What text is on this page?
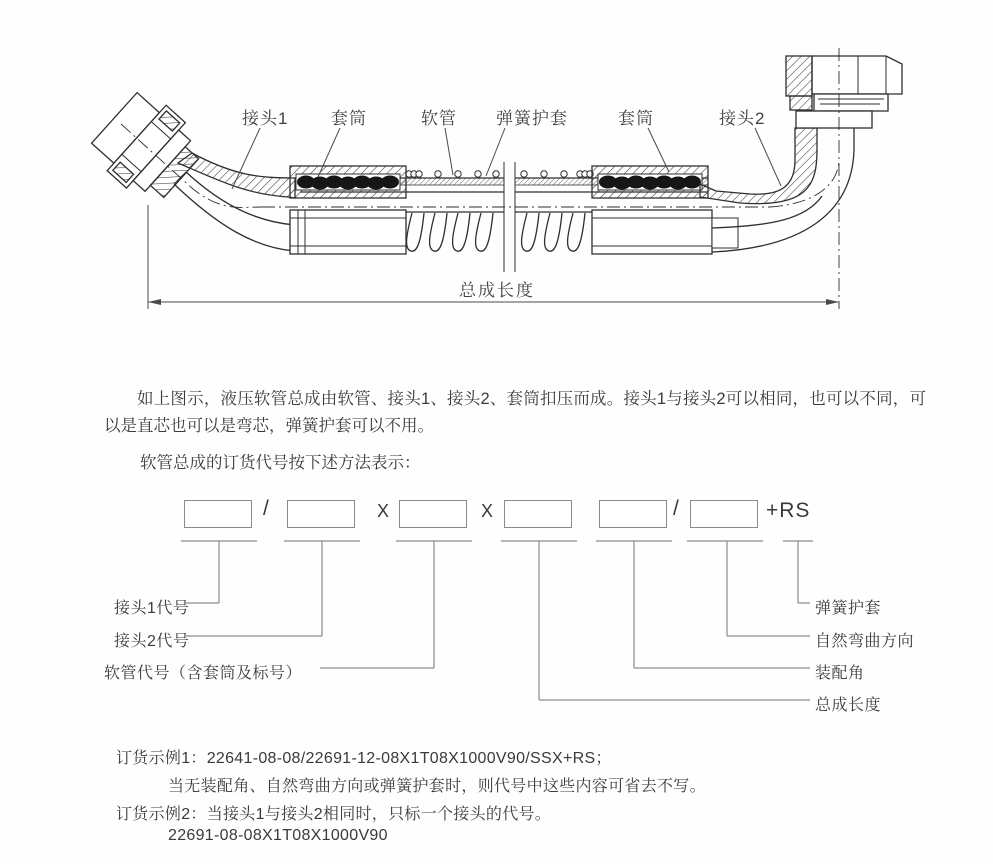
接头1	套筒	软管 弹簧护套	套筒	接头2
总成长度
如上图示，液压软管总成由软管、接头1、接头2、套筒扣压而成。接头1与接头2可以相同，也可以不同，可以是直芯也可以是弯芯，弹簧护套可以不用。
软管总成的订货代号按下述方法表示：
/	X	X	/	+RS
接头1代号
接头2代号
软管代号（含套筒及标号）
弹簧护套
自然弯曲方向
装配角
总成长度
订货示例1：22641-08-08/22691-12-08X1T08X1000V90/SSX+RS；
当无装配角、自然弯曲方向或弹簧护套时，则代号中这些内容可省去不写。
订货示例2：当接头1与接头2相同时，只标一个接头的代号。
22691-08-08X1T08X1000V90
